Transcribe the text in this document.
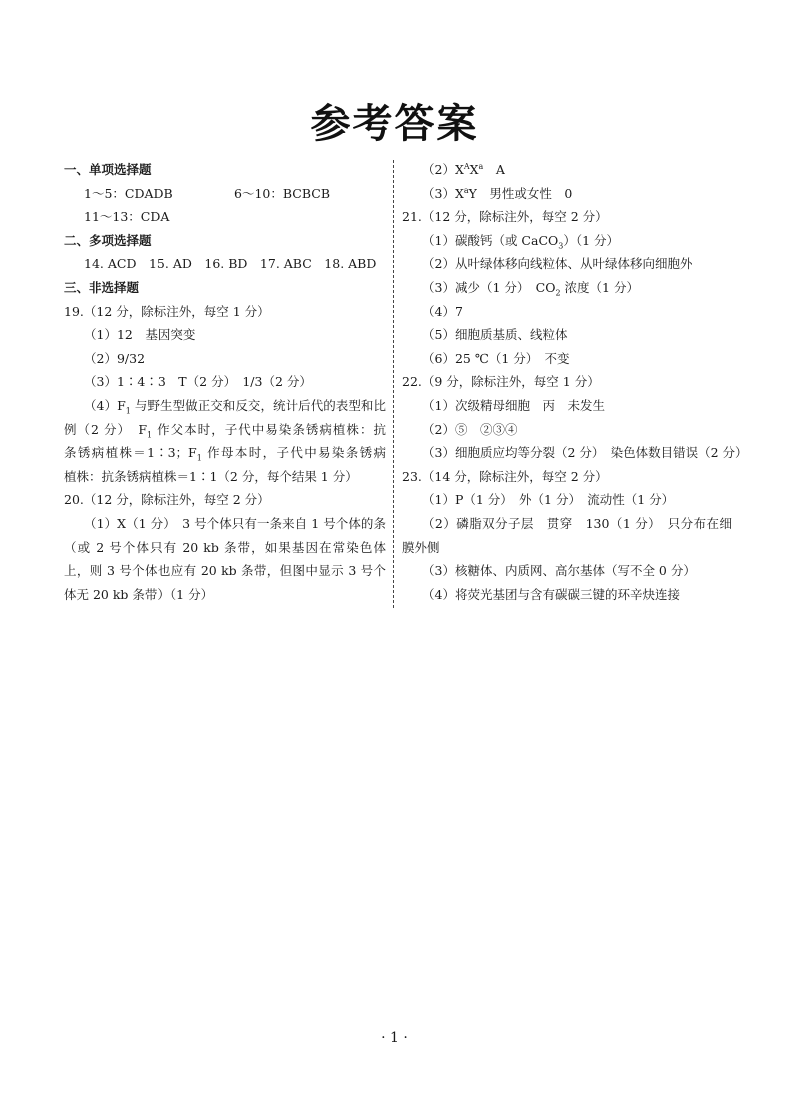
参考答案
一、单项选择题
1～5：CDADB	6～10：BCBCB
11～13：CDA
二、多项选择题
14. ACD　15. AD　16. BD　17. ABC　18. ABD
三、非选择题
19.（12 分，除标注外，每空 1 分）
（1）12　基因突变
（2）9/32
（3）1∶4∶3　T（2 分）　1/3（2 分）
$(4)F_1$ 与野生型做正交和反交，统计后代的表型和比
例（2 分）　$F_1$ 作父本时，子代中易染条锈病植株：抗
条锈病植株＝1∶3；$F_1$ 作母本时，子代中易染条锈病
植株：抗条锈病植株＝1∶1（2 分，每个结果 1 分）
20.（12 分，除标注外，每空 2 分）
（1）X（1 分）　3 号个体只有一条来自 1 号个体的条
（或 2 号个体只有 20 kb 条带，如果基因在常染色体
上，则 3 号个体也应有 20 kb 条带，但图中显示 3 号个
体无 20 kb 条带）（1 分）
$(2)X^AX^a$　A
$(3)X^aY$　男性或女性　0
21.（12 分，除标注外，每空 2 分）
（1）碳酸钙（或 CaCO$_3$）（1 分）
（2）从叶绿体移向线粒体、从叶绿体移向细胞外
（3）减少（1 分）　$CO_2$ 浓度（1 分）
（4）7
（5）细胞质基质、线粒体
（6）25 ℃（1 分）　不变
22.（9 分，除标注外，每空 1 分）
（1）次级精母细胞　丙　未发生
（2）⑤　②③④
（3）细胞质应均等分裂（2 分）　染色体数目错误（2 分）
23.（14 分，除标注外，每空 2 分）
（1）P（1 分）　外（1 分）　流动性（1 分）
（2）磷脂双分子层　贯穿　130（1 分）　只分布在细
膜外侧
（3）核糖体、内质网、高尔基体（写不全 0 分）
（4）将荧光基团与含有碳碳三键的环辛炔连接
· 1 ·
